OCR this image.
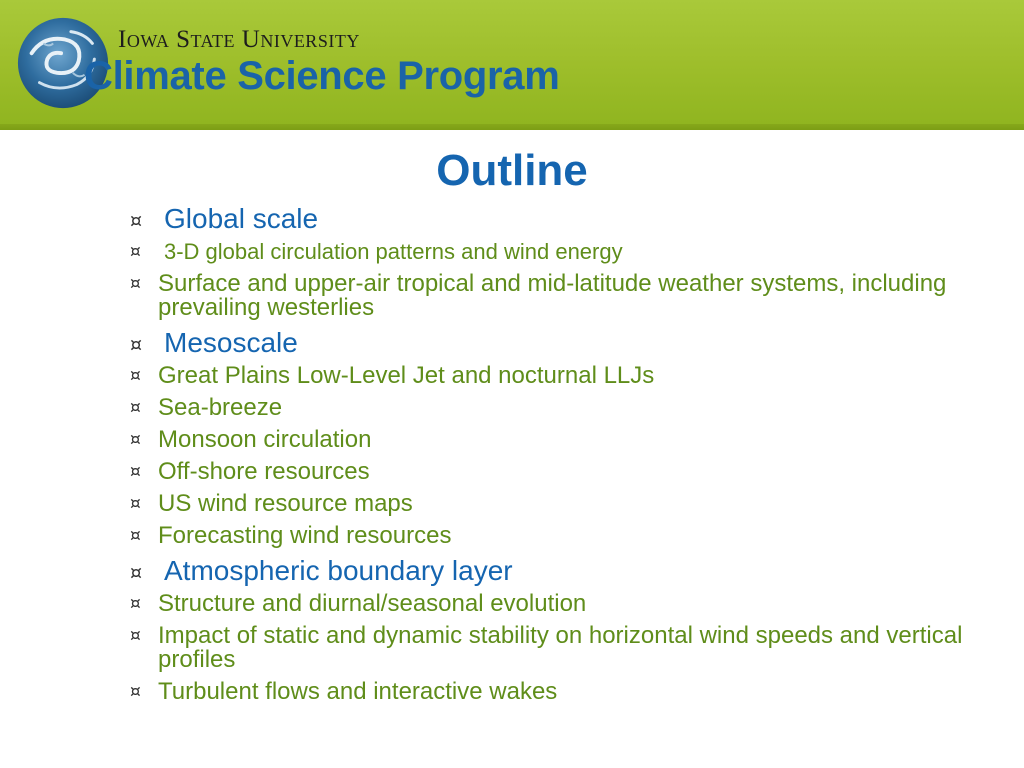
Iowa State University
Climate Science Program
Outline
¤ Global scale
¤ 3-D global circulation patterns and wind energy
¤ Surface and upper-air tropical and mid-latitude weather systems, including prevailing westerlies
¤ Mesoscale
¤ Great Plains Low-Level Jet and nocturnal LLJs
¤ Sea-breeze
¤ Monsoon circulation
¤ Off-shore resources
¤ US wind resource maps
¤ Forecasting wind resources
¤ Atmospheric boundary layer
¤ Structure and diurnal/seasonal evolution
¤ Impact of static and dynamic stability on horizontal wind speeds and vertical profiles
¤ Turbulent flows and interactive wakes
